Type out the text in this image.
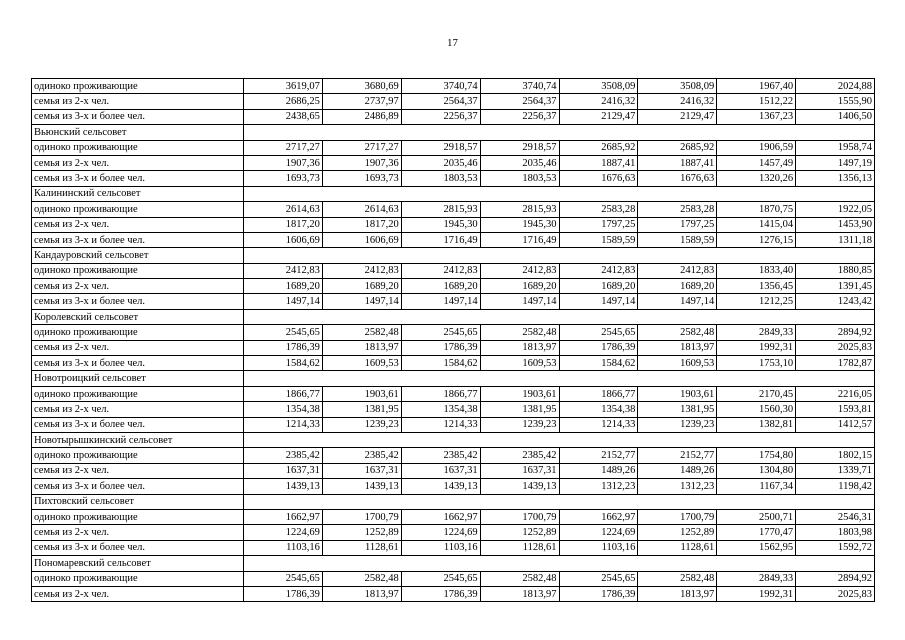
17
одиноко проживающие	3619,07	3680,69	3740,74	3740,74	3508,09	3508,09	1967,40	2024,88
семья из 2-х чел.	2686,25	2737,97	2564,37	2564,37	2416,32	2416,32	1512,22	1555,90
семья из 3-х и более чел.	2438,65	2486,89	2256,37	2256,37	2129,47	2129,47	1367,23	1406,50
Вьюнский сельсовет								
одиноко проживающие	2717,27	2717,27	2918,57	2918,57	2685,92	2685,92	1906,59	1958,74
семья из 2-х чел.	1907,36	1907,36	2035,46	2035,46	1887,41	1887,41	1457,49	1497,19
семья из 3-х и более чел.	1693,73	1693,73	1803,53	1803,53	1676,63	1676,63	1320,26	1356,13
Калининский сельсовет								
одиноко проживающие	2614,63	2614,63	2815,93	2815,93	2583,28	2583,28	1870,75	1922,05
семья из 2-х чел.	1817,20	1817,20	1945,30	1945,30	1797,25	1797,25	1415,04	1453,90
семья из 3-х и более чел.	1606,69	1606,69	1716,49	1716,49	1589,59	1589,59	1276,15	1311,18
Кандауровский сельсовет								
одиноко проживающие	2412,83	2412,83	2412,83	2412,83	2412,83	2412,83	1833,40	1880,85
семья из 2-х чел.	1689,20	1689,20	1689,20	1689,20	1689,20	1689,20	1356,45	1391,45
семья из 3-х и более чел.	1497,14	1497,14	1497,14	1497,14	1497,14	1497,14	1212,25	1243,42
Королевский сельсовет								
одиноко проживающие	2545,65	2582,48	2545,65	2582,48	2545,65	2582,48	2849,33	2894,92
семья из 2-х чел.	1786,39	1813,97	1786,39	1813,97	1786,39	1813,97	1992,31	2025,83
семья из 3-х и более чел.	1584,62	1609,53	1584,62	1609,53	1584,62	1609,53	1753,10	1782,87
Новотроицкий сельсовет								
одиноко проживающие	1866,77	1903,61	1866,77	1903,61	1866,77	1903,61	2170,45	2216,05
семья из 2-х чел.	1354,38	1381,95	1354,38	1381,95	1354,38	1381,95	1560,30	1593,81
семья из 3-х и более чел.	1214,33	1239,23	1214,33	1239,23	1214,33	1239,23	1382,81	1412,57
Новотырышкинский сельсовет								
одиноко проживающие	2385,42	2385,42	2385,42	2385,42	2152,77	2152,77	1754,80	1802,15
семья из 2-х чел.	1637,31	1637,31	1637,31	1637,31	1489,26	1489,26	1304,80	1339,71
семья из 3-х и более чел.	1439,13	1439,13	1439,13	1439,13	1312,23	1312,23	1167,34	1198,42
Пихтовский сельсовет								
одиноко проживающие	1662,97	1700,79	1662,97	1700,79	1662,97	1700,79	2500,71	2546,31
семья из 2-х чел.	1224,69	1252,89	1224,69	1252,89	1224,69	1252,89	1770,47	1803,98
семья из 3-х и более чел.	1103,16	1128,61	1103,16	1128,61	1103,16	1128,61	1562,95	1592,72
Пономаревский сельсовет								
одиноко проживающие	2545,65	2582,48	2545,65	2582,48	2545,65	2582,48	2849,33	2894,92
семья из 2-х чел.	1786,39	1813,97	1786,39	1813,97	1786,39	1813,97	1992,31	2025,83
